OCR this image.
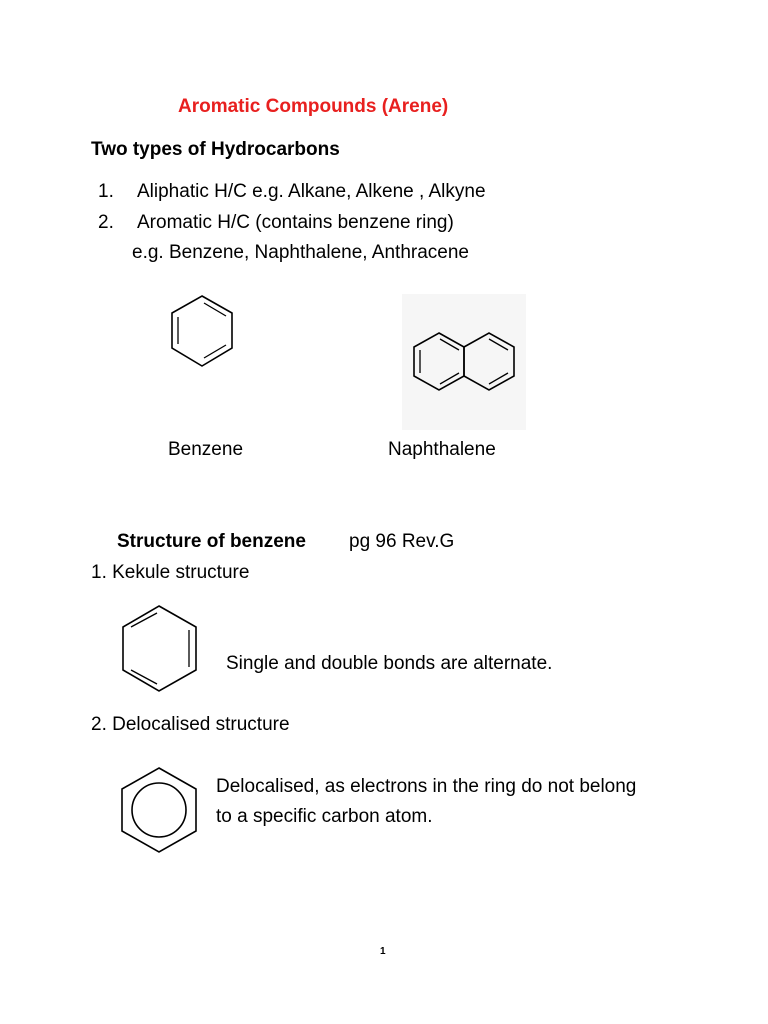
Aromatic Compounds (Arene)
Two types of Hydrocarbons
1. Aliphatic H/C e.g. Alkane, Alkene , Alkyne
2. Aromatic H/C (contains benzene ring)
e.g. Benzene, Naphthalene, Anthracene
Benzene	Naphthalene
Structure of benzene pg 96 Rev.G
1. Kekule structure
Single and double bonds are alternate.
2. Delocalised structure
Delocalised, as electrons in the ring do not belong
to a specific carbon atom.
1
